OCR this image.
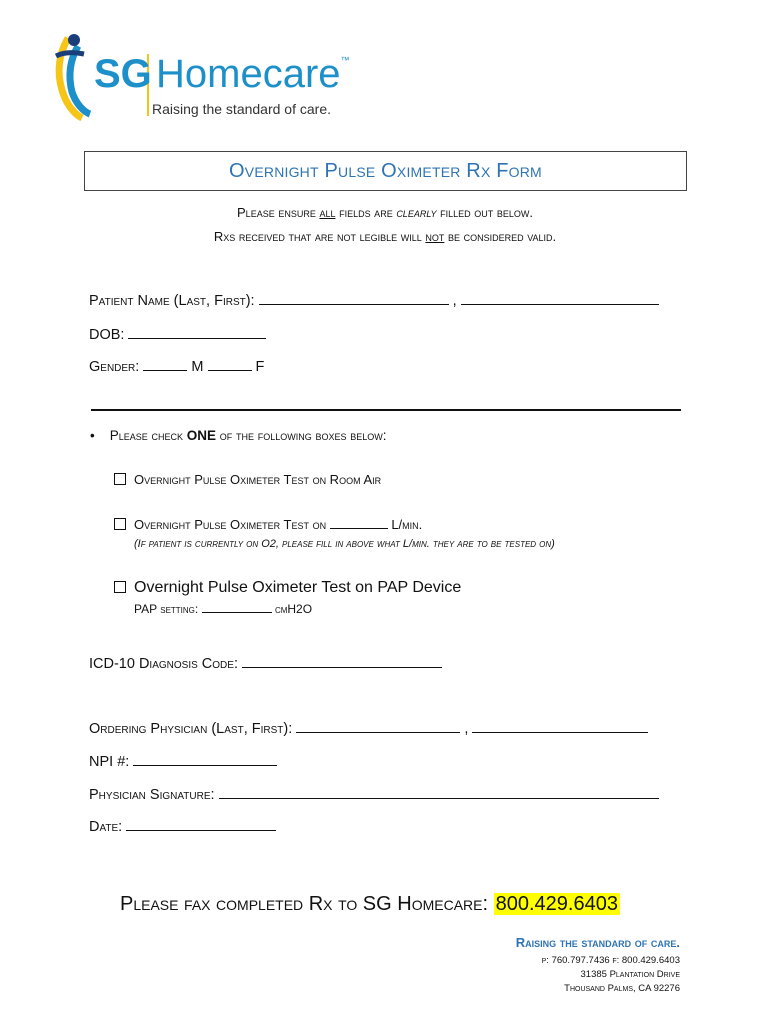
SG Homecare™
Raising the standard of care.
Overnight Pulse Oximeter Rx Form
Please ensure all fields are clearly filled out below.
Rxs received that are not legible will not be considered valid.
Patient Name (Last, First):	,
DOB:
Gender:	M	F
•    Please check ONE of the following boxes below:
Overnight Pulse Oximeter Test on Room Air
Overnight Pulse Oximeter Test on	L/min.
(If patient is currently on O2, please fill in above what L/min. they are to be tested on)
Overnight Pulse Oximeter Test on PAP Device
PAP setting:	cmH2O
ICD-10 Diagnosis Code:
Ordering Physician (Last, First):	,
NPI #:
Physician Signature:
Date:
Please fax completed Rx to SG Homecare: 800.429.6403
Raising the standard of care.
p: 760.797.7436 f: 800.429.6403
31385 Plantation Drive
Thousand Palms, CA 92276
